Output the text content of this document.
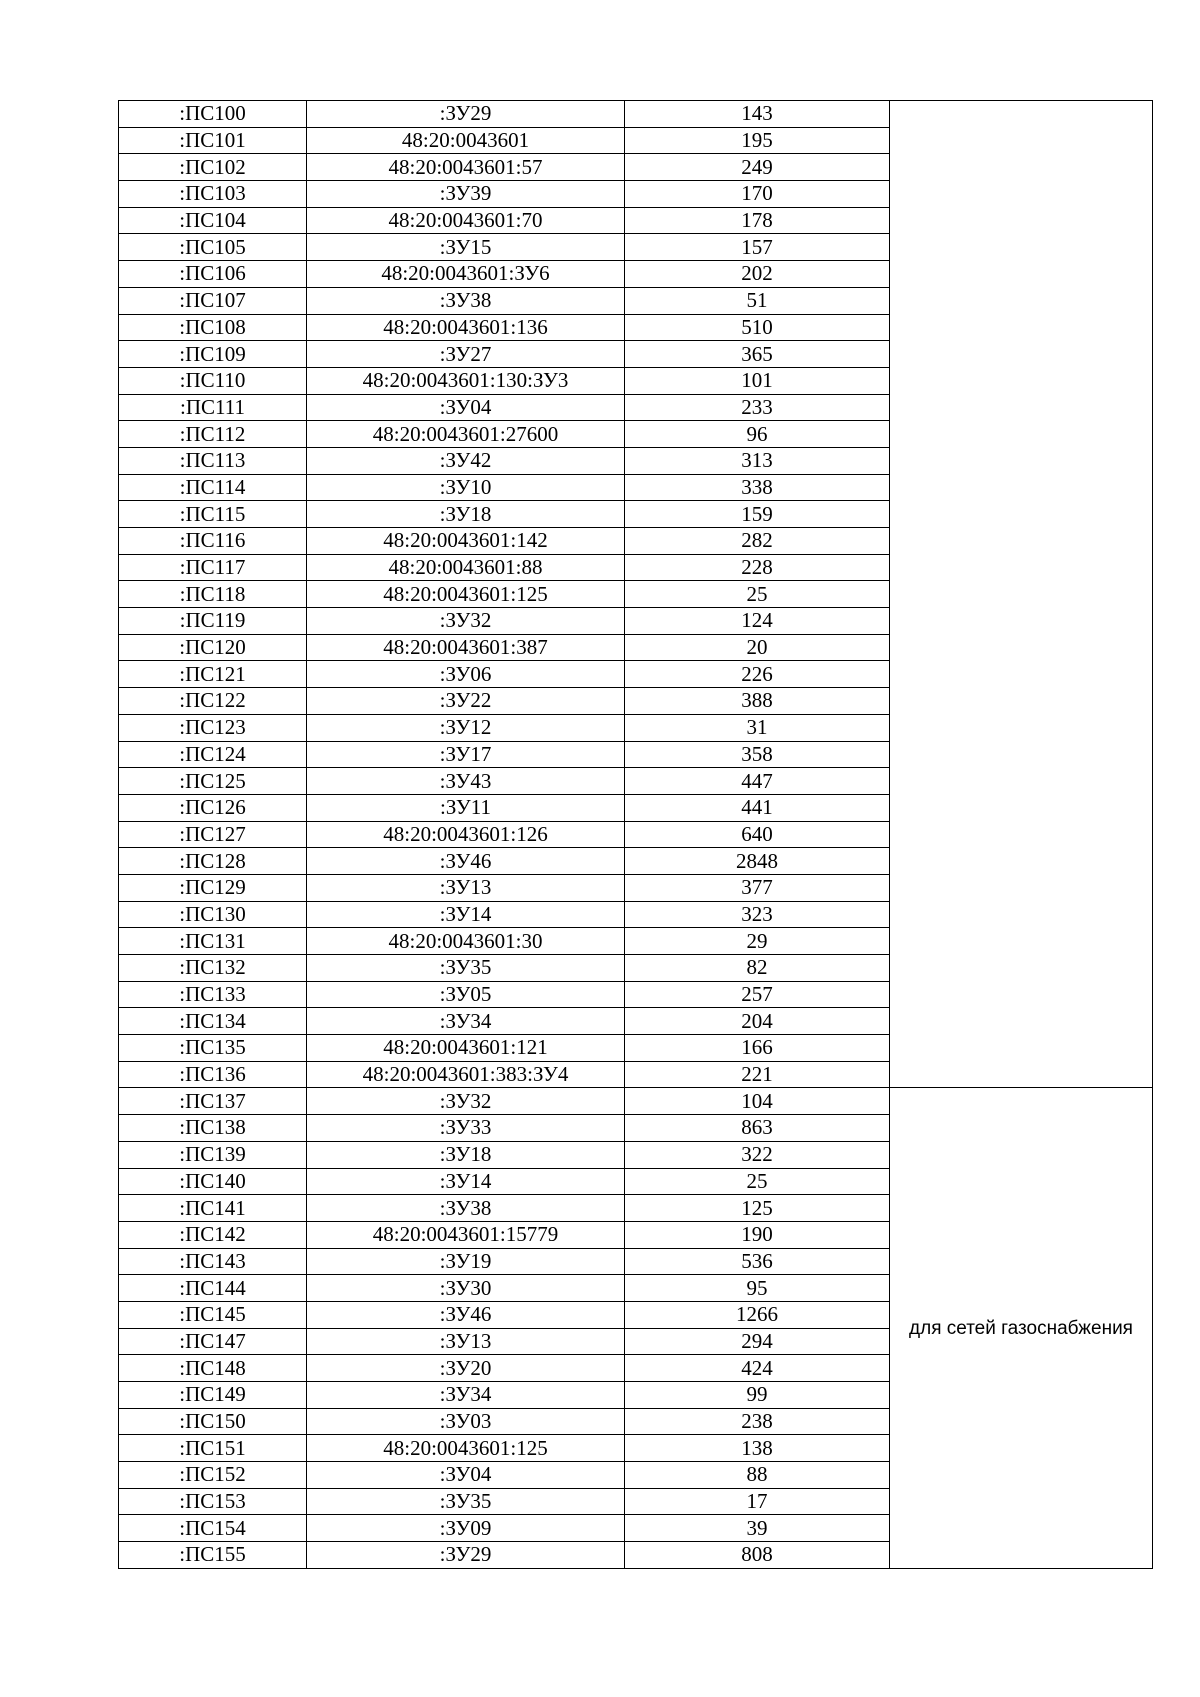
:ПС100	:ЗУ29	143	
:ПС101	48:20:0043601	195	
:ПС102	48:20:0043601:57	249	
:ПС103	:ЗУ39	170	
:ПС104	48:20:0043601:70	178	
:ПС105	:ЗУ15	157	
:ПС106	48:20:0043601:ЗУ6	202	
:ПС107	:ЗУ38	51	
:ПС108	48:20:0043601:136	510	
:ПС109	:ЗУ27	365	
:ПС110	48:20:0043601:130:ЗУ3	101	
:ПС111	:ЗУ04	233	
:ПС112	48:20:0043601:27600	96	
:ПС113	:ЗУ42	313	
:ПС114	:ЗУ10	338	
:ПС115	:ЗУ18	159	
:ПС116	48:20:0043601:142	282	
:ПС117	48:20:0043601:88	228	
:ПС118	48:20:0043601:125	25	
:ПС119	:ЗУ32	124	
:ПС120	48:20:0043601:387	20	
:ПС121	:ЗУ06	226	
:ПС122	:ЗУ22	388	
:ПС123	:ЗУ12	31	
:ПС124	:ЗУ17	358	
:ПС125	:ЗУ43	447	
:ПС126	:ЗУ11	441	
:ПС127	48:20:0043601:126	640	
:ПС128	:ЗУ46	2848	
:ПС129	:ЗУ13	377	
:ПС130	:ЗУ14	323	
:ПС131	48:20:0043601:30	29	
:ПС132	:ЗУ35	82	
:ПС133	:ЗУ05	257	
:ПС134	:ЗУ34	204	
:ПС135	48:20:0043601:121	166	
:ПС136	48:20:0043601:383:ЗУ4	221	
:ПС137	:ЗУ32	104	для сетей газоснабжения
:ПС138	:ЗУ33	863	
:ПС139	:ЗУ18	322	
:ПС140	:ЗУ14	25	
:ПС141	:ЗУ38	125	
:ПС142	48:20:0043601:15779	190	
:ПС143	:ЗУ19	536	
:ПС144	:ЗУ30	95	
:ПС145	:ЗУ46	1266	
:ПС147	:ЗУ13	294	
:ПС148	:ЗУ20	424	
:ПС149	:ЗУ34	99	
:ПС150	:ЗУ03	238	
:ПС151	48:20:0043601:125	138	
:ПС152	:ЗУ04	88	
:ПС153	:ЗУ35	17	
:ПС154	:ЗУ09	39	
:ПС155	:ЗУ29	808	
